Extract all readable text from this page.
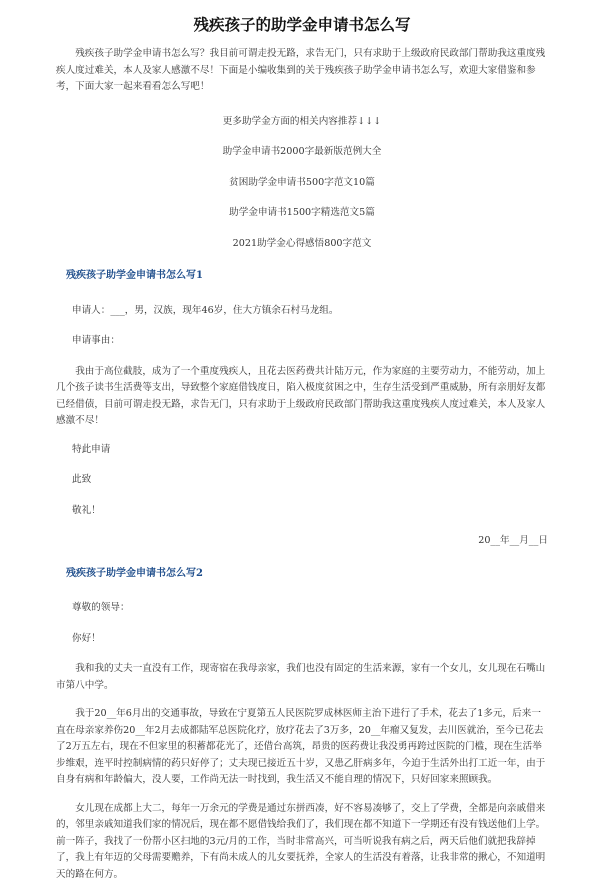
残疾孩子的助学金申请书怎么写

残疾孩子助学金申请书怎么写？我目前可谓走投无路，求告无门，只有求助于上级政府民政部门帮助我这重度残疾人度过难关，本人及家人感激不尽！下面是小编收集到的关于残疾孩子助学金申请书怎么写，欢迎大家借鉴和参考，下面大家一起来看看怎么写吧！

更多助学金方面的相关内容推荐↓↓↓

助学金申请书2000字最新版范例大全

贫困助学金申请书500字范文10篇

助学金申请书1500字精选范文5篇

2021助学金心得感悟800字范文

残疾孩子助学金申请书怎么写1

申请人：___，男，汉族，现年46岁，住大方镇余石村马龙组。

申请事由：

我由于高位截肢，成为了一个重度残疾人，且花去医药费共计陆万元，作为家庭的主要劳动力，不能劳动，加上几个孩子读书生活费等支出，导致整个家庭借钱度日，陷入极度贫困之中，生存生活受到严重威胁，所有亲朋好友都已经借债，目前可谓走投无路，求告无门，只有求助于上级政府民政部门帮助我这重度残疾人度过难关，本人及家人感激不尽！

特此申请

此致

敬礼！

20__年__月__日

残疾孩子助学金申请书怎么写2

尊敬的领导：

你好！

我和我的丈夫一直没有工作，现寄宿在我母亲家，我们也没有固定的生活来源，家有一个女儿，女儿现在石嘴山市第八中学。

我于20__年6月出的交通事故，导致在宁夏第五人民医院罗成林医师主治下进行了手术，花去了1多元，后来一直在母亲家养伤20__年2月去成都陆军总医院化疗，放疗花去了3万多，20__年瘤又复发，去川医就治，至今已花去了2万五左右，现在不但家里的积蓄都花光了，还借台高筑，昂贵的医药费让我没勇再跨过医院的门槛，现在生活举步维艰，连平时控制病情的药只好停了；丈夫现已接近五十岁，又患乙肝病多年，今迫于生活外出打工近一年，由于自身有病和年龄偏大，没人要，工作尚无法一时找到，我生活又不能自理的情况下，只好回家来照顾我。

女儿现在成都上大二，每年一万余元的学费是通过东拼西凑，好不容易凑够了，交上了学费，全都是向亲戚借来的，邻里亲戚知道我们家的情况后，现在都不愿借钱给我们了，我们现在都不知道下一学期还有没有钱送他们上学。前一阵子，我找了一份帮小区扫地的3元/月的工作，当时非常高兴，可当听说我有病之后，两天后他们就把我辞掉了，我上有年迈的父母需要赡养，下有尚未成人的儿女要抚养，全家人的生活没有着落，让我非常的揪心，不知道明天的路在何方。
